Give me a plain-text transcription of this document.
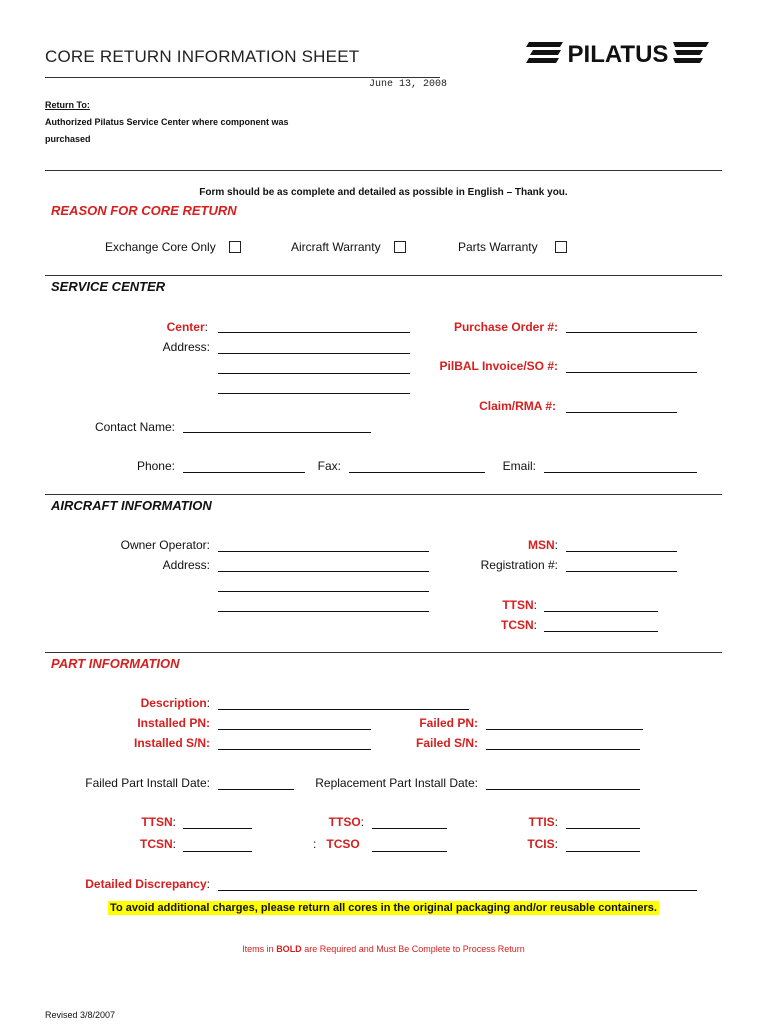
CORE RETURN INFORMATION SHEET	PILATUS
June 13, 2008
Return To:
Authorized Pilatus Service Center where component was
purchased
Form should be as complete and detailed as possible in English – Thank you.
REASON FOR CORE RETURN
Exchange Core Only	Aircraft Warranty	Parts Warranty
SERVICE CENTER
Center:
Address:
Purchase Order #:
PilBAL Invoice/SO #:
Claim/RMA #:
Contact Name:
Phone:	Fax:	Email:
AIRCRAFT INFORMATION
Owner Operator:
Address:
MSN:
Registration #:
TTSN:
TCSN:
PART INFORMATION
Description:
Installed PN:	Failed PN:
Installed S/N:	Failed S/N:
Failed Part Install Date:	Replacement Part Install Date:
TTSN:	TTSO:	TTIS:
TCSN:	: TCSO	TCIS:
Detailed Discrepancy:
To avoid additional charges, please return all cores in the original packaging and/or reusable containers.
Items in BOLD are Required and Must Be Complete to Process Return
Revised 3/8/2007
